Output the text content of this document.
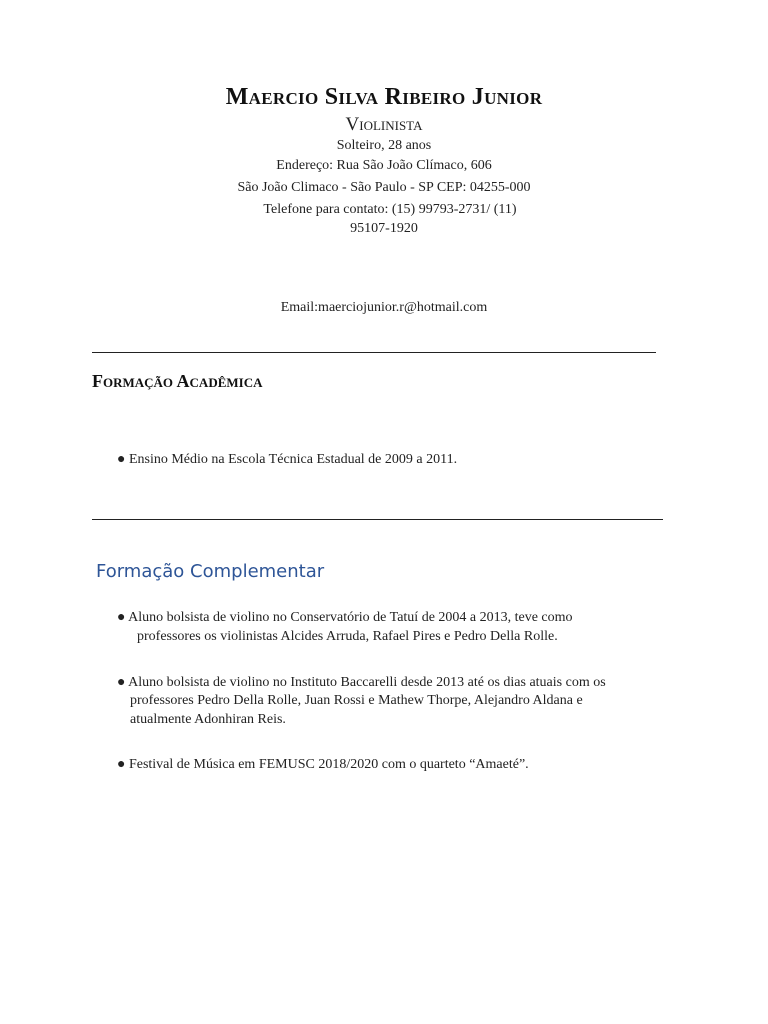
Maercio Silva Ribeiro Junior
Violinista
Solteiro, 28 anos
Endereço: Rua São João Clímaco, 606
São João Climaco - São Paulo - SP CEP: 04255-000
Telefone para contato: (15) 99793-2731/ (11)
95107-1920
Email:maerciojunior.r@hotmail.com
Formação Acadêmica
● Ensino Médio na Escola Técnica Estadual de 2009 a 2011.
Formação Complementar
● Aluno bolsista de violino no Conservatório de Tatuí de 2004 a 2013, teve como
professores os violinistas Alcides Arruda, Rafael Pires e Pedro Della Rolle.
● Aluno bolsista de violino no Instituto Baccarelli desde 2013 até os dias atuais com os
professores Pedro Della Rolle, Juan Rossi e Mathew Thorpe, Alejandro Aldana e
atualmente Adonhiran Reis.
● Festival de Música em FEMUSC 2018/2020 com o quarteto “Amaeté”.
